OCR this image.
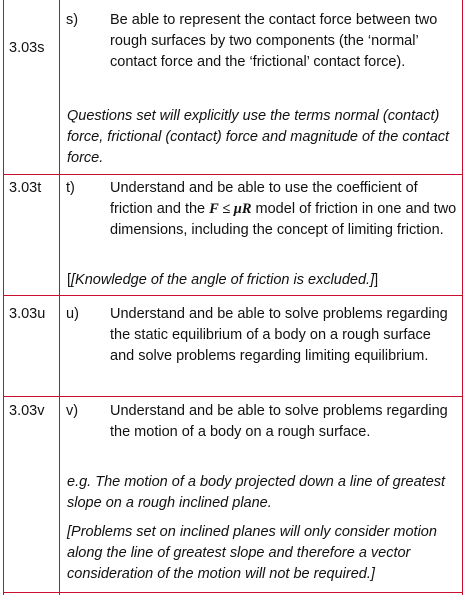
3.03s
s) Be able to represent the contact force between two rough surfaces by two components (the ‘normal’ contact force and the ‘frictional’ contact force).
Questions set will explicitly use the terms normal (contact) force, frictional (contact) force and magnitude of the contact force.
3.03t t) Understand and be able to use the coefficient of friction and the F ≤ μR model of friction in one and two dimensions, including the concept of limiting friction.
[[Knowledge of the angle of friction is excluded.]]
3.03u u) Understand and be able to solve problems regarding the static equilibrium of a body on a rough surface and solve problems regarding limiting equilibrium.
3.03v v) Understand and be able to solve problems regarding the motion of a body on a rough surface.
e.g. The motion of a body projected down a line of greatest slope on a rough inclined plane.
[Problems set on inclined planes will only consider motion along the line of greatest slope and therefore a vector consideration of the motion will not be required.]
